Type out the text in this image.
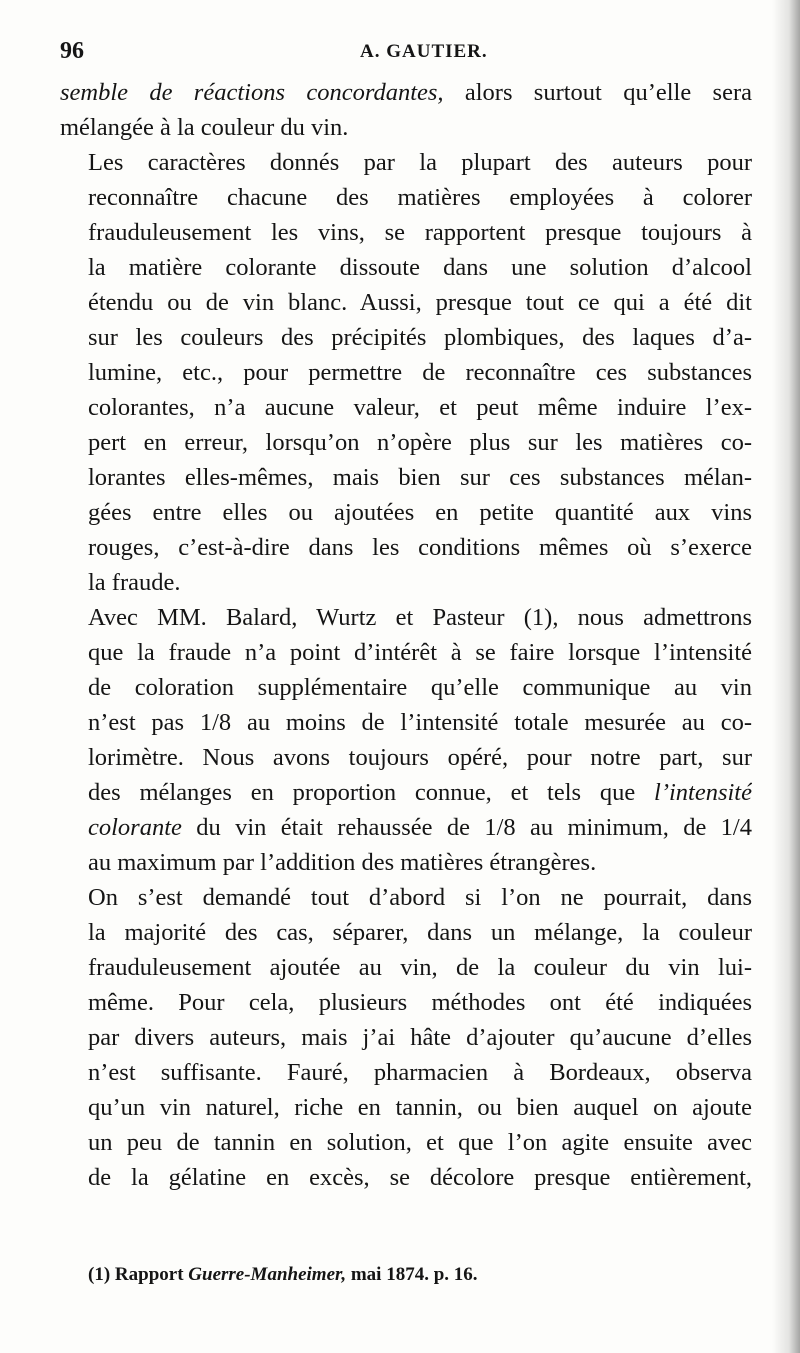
96	A. GAUTIER.
semble de réactions concordantes, alors surtout qu’elle sera
mélangée à la couleur du vin.
Les caractères donnés par la plupart des auteurs pour
reconnaître chacune des matières employées à colorer
frauduleusement les vins, se rapportent presque toujours à
la matière colorante dissoute dans une solution d’alcool
étendu ou de vin blanc. Aussi, presque tout ce qui a été dit
sur les couleurs des précipités plombiques, des laques d’a-
lumine, etc., pour permettre de reconnaître ces substances
colorantes, n’a aucune valeur, et peut même induire l’ex-
pert en erreur, lorsqu’on n’opère plus sur les matières co-
lorantes elles-mêmes, mais bien sur ces substances mélan-
gées entre elles ou ajoutées en petite quantité aux vins
rouges, c’est-à-dire dans les conditions mêmes où s’exerce
la fraude.
Avec MM. Balard, Wurtz et Pasteur (1), nous admettrons
que la fraude n’a point d’intérêt à se faire lorsque l’intensité
de coloration supplémentaire qu’elle communique au vin
n’est pas 1/8 au moins de l’intensité totale mesurée au co-
lorimètre. Nous avons toujours opéré, pour notre part, sur
des mélanges en proportion connue, et tels que l’intensité
colorante du vin était rehaussée de 1/8 au minimum, de 1/4
au maximum par l’addition des matières étrangères.
On s’est demandé tout d’abord si l’on ne pourrait, dans
la majorité des cas, séparer, dans un mélange, la couleur
frauduleusement ajoutée au vin, de la couleur du vin lui-
même. Pour cela, plusieurs méthodes ont été indiquées
par divers auteurs, mais j’ai hâte d’ajouter qu’aucune d’elles
n’est suffisante. Fauré, pharmacien à Bordeaux, observa
qu’un vin naturel, riche en tannin, ou bien auquel on ajoute
un peu de tannin en solution, et que l’on agite ensuite avec
de la gélatine en excès, se décolore presque entièrement,
(1) Rapport Guerre-Manheimer, mai 1874. p. 16.
